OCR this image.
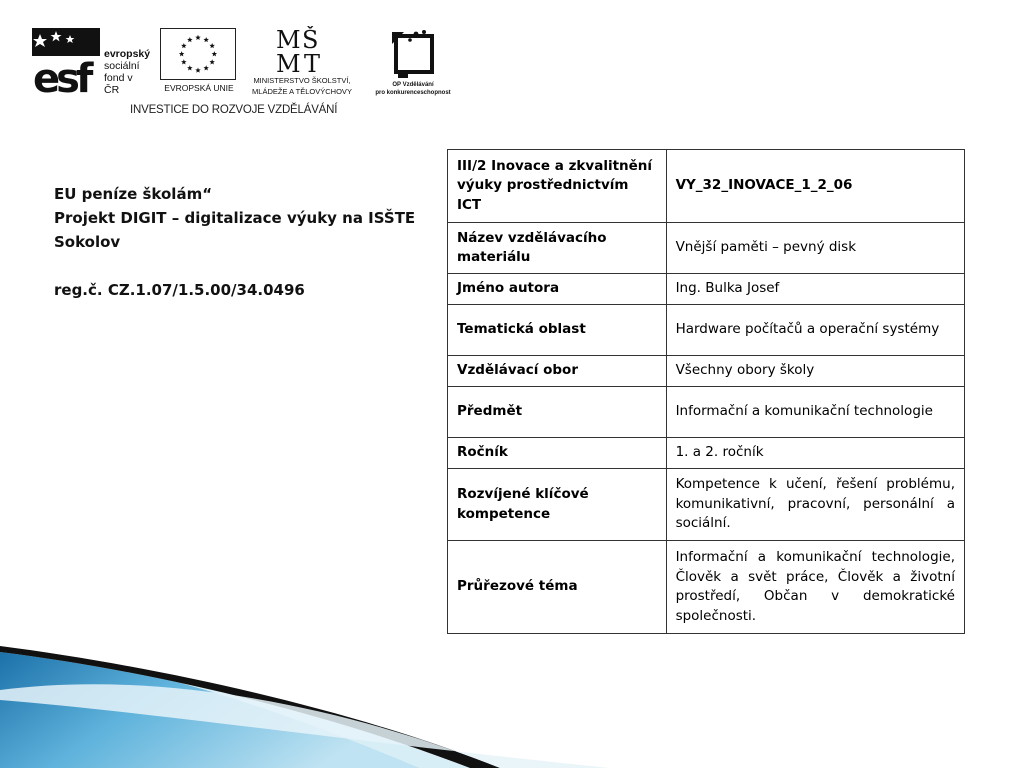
esf
evropský
sociální
fond v ČR	EVROPSKÁ UNIE
M Š
M T
MINISTERSTVO ŠKOLSTVÍ,
MLÁDEŽE A TĚLOVÝCHOVY
OP Vzdělávání
pro konkurenceschopnost
INVESTICE DO ROZVOJE VZDĚLÁVÁNÍ
EU peníze školám“
Projekt DIGIT – digitalizace výuky na ISŠTE Sokolov
reg.č. CZ.1.07/1.5.00/34.0496
III/2 Inovace a zkvalitnění výuky prostřednictvím ICT	VY_32_INOVACE_1_2_06
Název vzdělávacího materiálu	Vnější paměti – pevný disk
Jméno autora	Ing. Bulka Josef
Tematická oblast	Hardware počítačů a operační systémy
Vzdělávací obor	Všechny obory školy
Předmět	Informační a komunikační technologie
Ročník	1. a 2. ročník
Rozvíjené klíčové kompetence	Kompetence k učení, řešení problému, komunikativní, pracovní, personální a sociální.
Průřezové téma	Informační a komunikační technologie, Člověk a svět práce, Člověk a životní prostředí, Občan v demokratické společnosti.
